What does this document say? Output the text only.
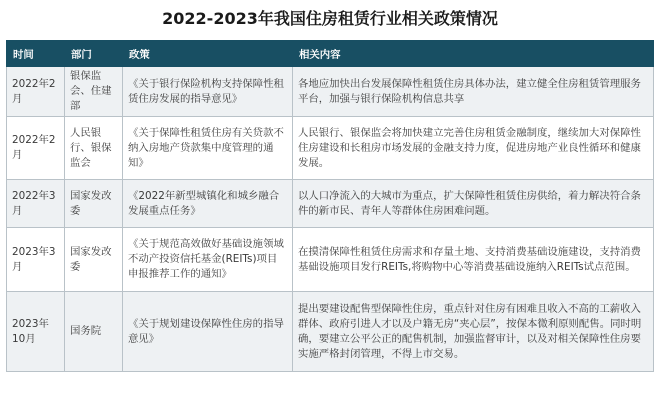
2022-2023年我国住房租赁行业相关政策情况
时间	部门	政策	相关内容
2022年2月	银保监会、住建部	《关于银行保险机构支持保障性租赁住房发展的指导意见》	各地应加快出台发展保障性租赁住房具体办法，建立健全住房租赁管理服务平台，加强与银行保险机构信息共享
2022年2月	人民银行、银保监会	《关于保障性租赁住房有关贷款不纳入房地产贷款集中度管理的通知》	人民银行、银保监会将加快建立完善住房租赁金融制度，继续加大对保障性住房建设和长租房市场发展的金融支持力度，促进房地产业良性循环和健康发展。
2022年3月	国家发改委	《2022年新型城镇化和城乡融合发展重点任务》	以人口净流入的大城市为重点，扩大保障性租赁住房供给，着力解决符合条件的新市民、青年人等群体住房困难问题。
2023年3月	国家发改委	《关于规范高效做好基础设施领域不动产投资信托基金(REITs)项目申报推荐工作的通知》	在摸清保障性租赁住房需求和存量土地、支持消费基础设施建设，支持消费基础设施项目发行REITs,将购物中心等消费基础设施纳入REITs试点范围。
2023年10月	国务院	《关于规划建设保障性住房的指导意见》	提出要建设配售型保障性住房，重点针对住房有困难且收入不高的工薪收入群体、政府引进人才以及户籍无房“夹心层”，按保本微利原则配售。同时明确，要建立公平公正的配售机制，加强监督审计，以及对相关保障性住房要实施严格封闭管理，不得上市交易。
